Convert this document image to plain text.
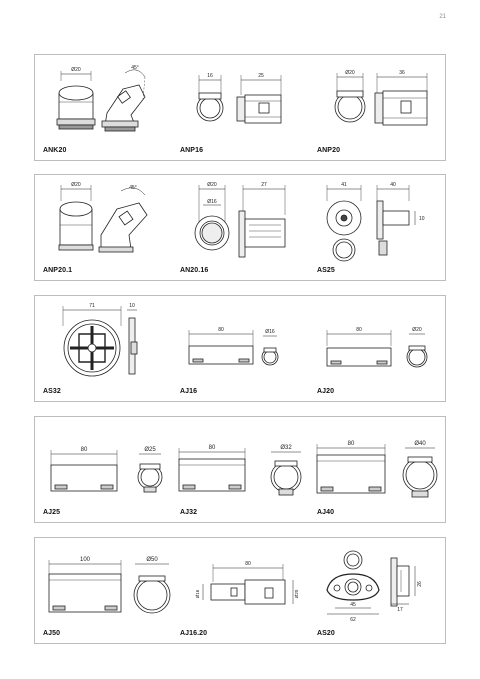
21
Ø20	45°
16	25	Ø20	36
ANK20	ANP16	ANP20
Ø20	45°	Ø20
Ø16
27	41	40
10
ANP20.1	AN20.16	AS25
71	10
80	Ø16	80	Ø20
AS32	AJ16	AJ20
80	Ø25	80	Ø32
80	Ø40
AJ25	AJ32	AJ40
100	Ø50
80
Ø16	Ø20
45
62
26
17
AJ50	AJ16.20	AS20
